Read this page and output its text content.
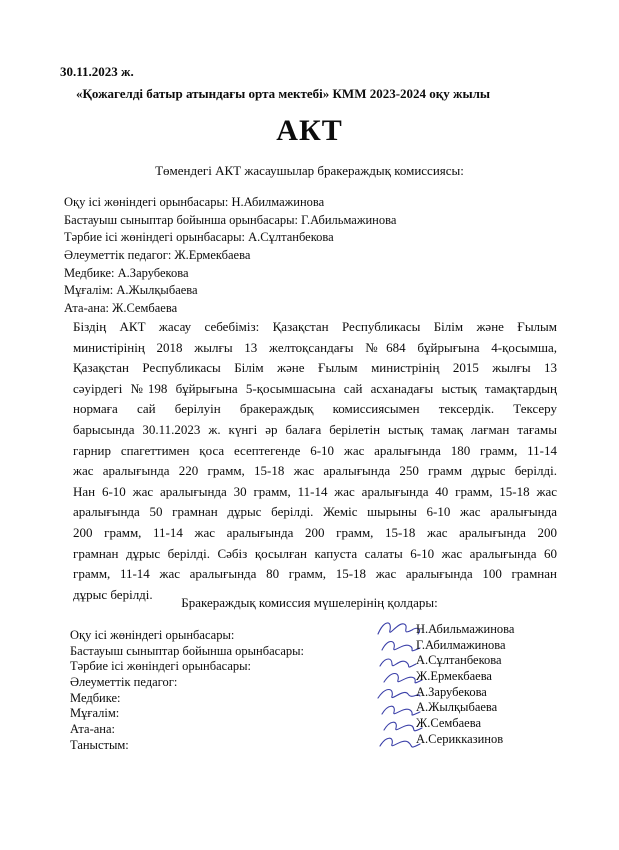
30.11.2023 ж.
«Қожагелді батыр атындағы орта мектебі» КММ 2023-2024 оқу жылы
АКТ
Төмендегі АКТ жасаушылар бракераждық комиссиясы:
Оқу ісі жөніндегі орынбасары: Н.Абилмажинова
Бастауыш сыныптар бойынша орынбасары: Г.Абильмажинова
Тәрбие ісі жөніндегі орынбасары: А.Сұлтанбекова
Әлеуметтік педагог: Ж.Ермекбаева
Медбике: А.Зарубекова
Мұғалім: А.Жылқыбаева
Ата-ана: Ж.Сембаева
Біздің АКТ жасау себебіміз: Қазақстан Республикасы Білім және Ғылым
министірінің 2018 жылғы 13 желтоқсандағы №684 бұйрығына 4-қосымша,
Қазақстан Республикасы Білім және Ғылым министрінің 2015 жылғы 13
сәуірдегі №198 бұйрығына 5-қосымшасына сай асханадағы ыстық тамақтардың
нормаға сай берілуін бракераждық комиссиясымен тексердік. Тексеру
барысында 30.11.2023 ж. күнгі әр балаға берілетін ыстық тамақ лағман тағамы
гарнир спагеттимен қоса есептегенде 6-10 жас аралығында 180 грамм, 11-14
жас аралығында 220 грамм, 15-18 жас аралығында 250 грамм дұрыс берілді.
Нан 6-10 жас аралығында 30 грамм, 11-14 жас аралығында 40 грамм, 15-18 жас
аралығында 50 грамнан дұрыс берілді. Жеміс шырыны 6-10 жас аралығында
200 грамм, 11-14 жас аралығында 200 грамм, 15-18 жас аралығында 200
грамнан дұрыс берілді. Сәбіз қосылған капуста салаты 6-10 жас аралығында 60
грамм, 11-14 жас аралығында 80 грамм, 15-18 жас аралығында 100 грамнан
дұрыс берілді.
Бракераждық комиссия мүшелерінің қолдары:
Оқу ісі жөніндегі орынбасары:
Бастауыш сыныптар бойынша орынбасары:
Тәрбие ісі жөніндегі орынбасары:
Әлеуметтік педагог:
Медбике:
Мұғалім:
Ата-ана:
Таныстым:
Н.Абильмажинова
Г.Абилмажинова
А.Сұлтанбекова
Ж.Ермекбаева
А.Зарубекова
А.Жылқыбаева
Ж.Сембаева
А.Серикказинов
